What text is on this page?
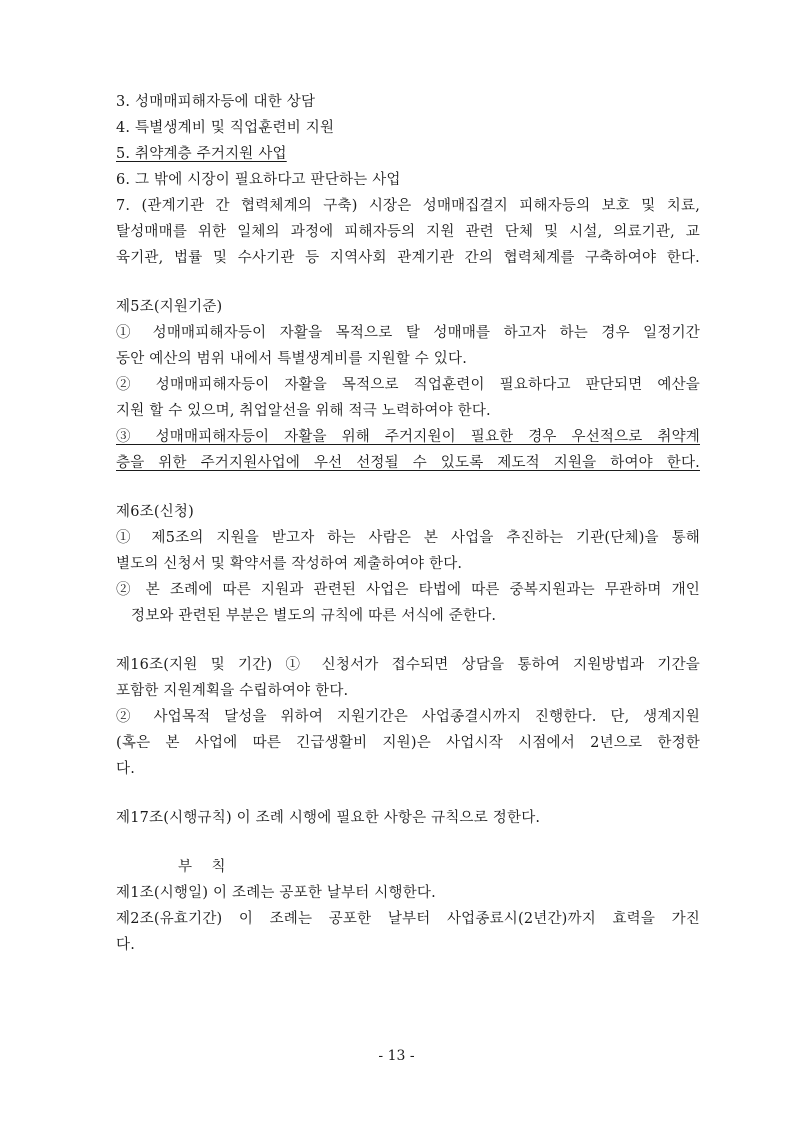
3. 성매매피해자등에 대한 상담
4. 특별생계비 및 직업훈련비 지원
5. 취약계층 주거지원 사업
6. 그 밖에 시장이 필요하다고 판단하는 사업
7. (관계기관 간 협력체계의 구축) 시장은 성매매집결지 피해자등의 보호 및 치료,
탈성매매를 위한 일체의 과정에 피해자등의 지원 관련 단체 및 시설, 의료기관, 교
육기관, 법률 및 수사기관 등 지역사회 관계기관 간의 협력체계를 구축하여야 한다.
제5조(지원기준)
① 성매매피해자등이 자활을 목적으로 탈 성매매를 하고자 하는 경우 일정기간
동안 예산의 범위 내에서 특별생계비를 지원할 수 있다.
② 성매매피해자등이 자활을 목적으로 직업훈련이 필요하다고 판단되면 예산을
지원 할 수 있으며, 취업알선을 위해 적극 노력하여야 한다.
③ 성매매피해자등이 자활을 위해 주거지원이 필요한 경우 우선적으로 취약계
층을 위한 주거지원사업에 우선 선정될 수 있도록 제도적 지원을 하여야 한다.
제6조(신청)
① 제5조의 지원을 받고자 하는 사람은 본 사업을 추진하는 기관(단체)을 통해
별도의 신청서 및 확약서를 작성하여 제출하여야 한다.
② 본 조례에 따른 지원과 관련된 사업은 타법에 따른 중복지원과는 무관하며 개인
정보와 관련된 부분은 별도의 규칙에 따른 서식에 준한다.
제16조(지원 및 기간) ① 신청서가 접수되면 상담을 통하여 지원방법과 기간을
포함한 지원계획을 수립하여야 한다.
② 사업목적 달성을 위하여 지원기간은 사업종결시까지 진행한다. 단, 생계지원
(혹은 본 사업에 따른 긴급생활비 지원)은 사업시작 시점에서 2년으로 한정한
다.
제17조(시행규칙) 이 조례 시행에 필요한 사항은 규칙으로 정한다.
부    칙
제1조(시행일) 이 조례는 공포한 날부터 시행한다.
제2조(유효기간) 이 조례는 공포한 날부터 사업종료시(2년간)까지 효력을 가진
다.
- 13 -
